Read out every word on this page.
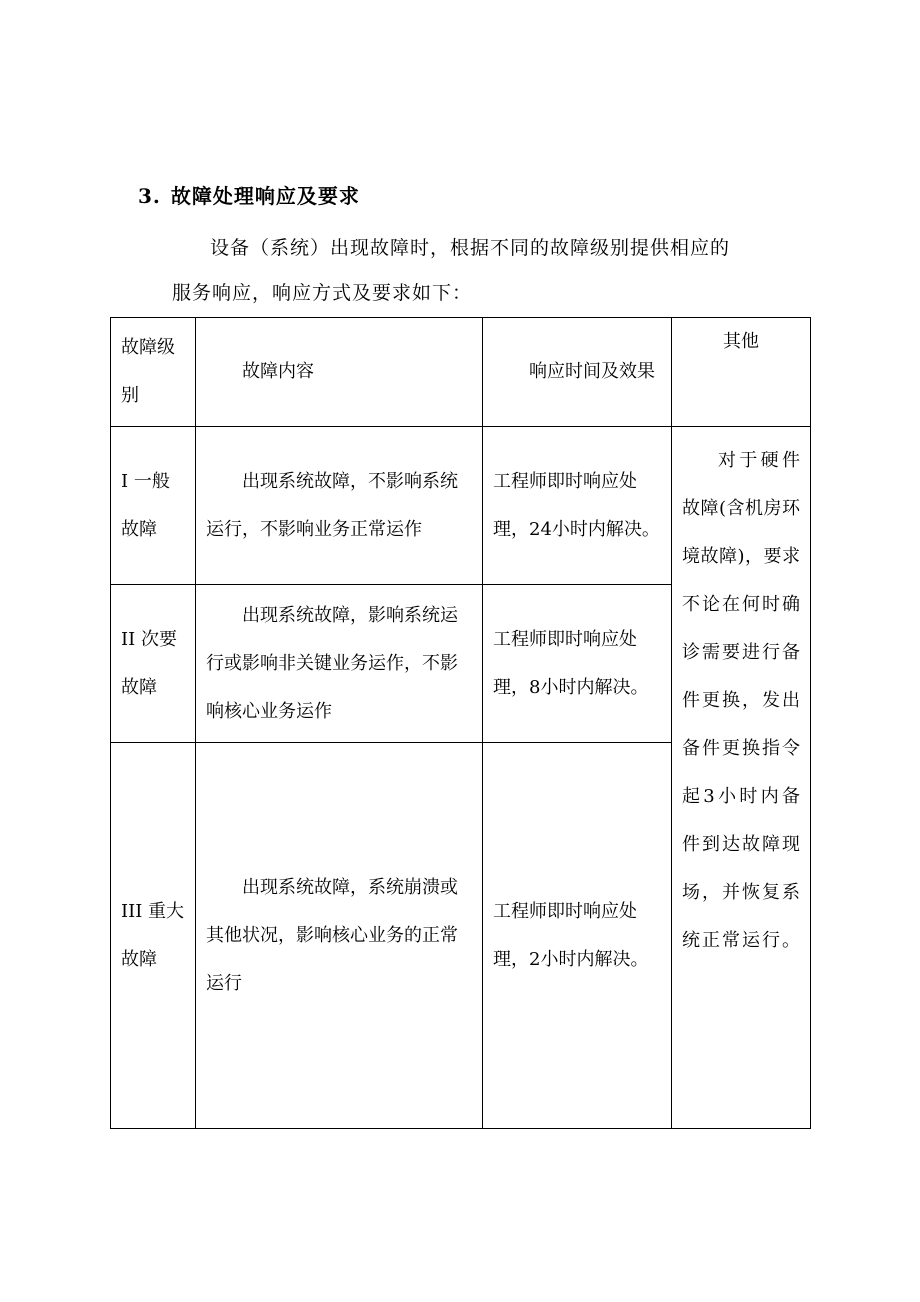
3. 故障处理响应及要求
设备（系统）出现故障时，根据不同的故障级别提供相应的
服务响应，响应方式及要求如下：
故障级别	故障内容	响应时间及效果	其他
I 一般故障	出现系统故障，不影响系统运行，不影响业务正常运作	工程师即时响应处理，24小时内解决。	对于硬件故障(含机房环境故障)，要求不论在何时确诊需要进行备件更换，发出备件更换指令起3小时内备件到达故障现场，并恢复系统正常运行。
II 次要故障	出现系统故障，影响系统运行或影响非关键业务运作，不影响核心业务运作	工程师即时响应处理，8小时内解决。	
III 重大故障	出现系统故障，系统崩溃或其他状况，影响核心业务的正常运行	工程师即时响应处理，2小时内解决。	
